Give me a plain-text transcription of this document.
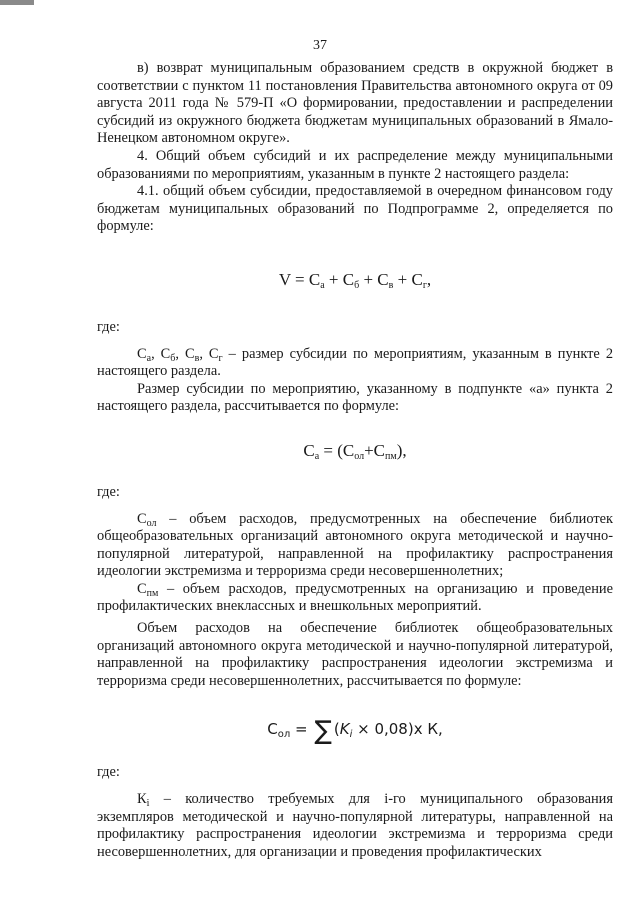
37

в) возврат муниципальным образованием средств в окружной бюджет в соответствии с пунктом 11 постановления Правительства автономного округа от 09 августа 2011 года № 579-П «О формировании, предоставлении и распределении субсидий из окружного бюджета бюджетам муниципальных образований в Ямало-Ненецком автономном округе».

4. Общий объем субсидий и их распределение между муниципальными образованиями по мероприятиям, указанным в пункте 2 настоящего раздела:

4.1. общий объем субсидии, предоставляемой в очередном финансовом году бюджетам муниципальных образований по Подпрограмме 2, определяется по формуле:

$V = С_а + С_б + С_в + С_г$,

где:

$С_а$, $С_б$, $С_в$, $С_г$ – размер субсидии по мероприятиям, указанным в пункте 2 настоящего раздела.

Размер субсидии по мероприятию, указанному в подпункте «а» пункта 2 настоящего раздела, рассчитывается по формуле:

$С_а = (С_{ол}+С_{пм})$,

где:

$С_{ол}$ – объем расходов, предусмотренных на обеспечение библиотек общеобразовательных организаций автономного округа методической и научно-популярной литературой, направленной на профилактику распространения идеологии экстремизма и терроризма среди несовершеннолетних;

$С_{пм}$ – объем расходов, предусмотренных на организацию и проведение профилактических внеклассных и внешкольных мероприятий.

Объем расходов на обеспечение библиотек общеобразовательных организаций автономного округа методической и научно-популярной литературой, направленной на профилактику распространения идеологии экстремизма и терроризма среди несовершеннолетних, рассчитывается по формуле:

$С_{ол}$ = ∑ $(K_i \times 0,08)х$ К,

где:

$К_i$ – количество требуемых для i-го муниципального образования экземпляров методической и научно-популярной литературы, направленной на профилактику распространения идеологии экстремизма и терроризма среди несовершеннолетних, для организации и проведения профилактических
